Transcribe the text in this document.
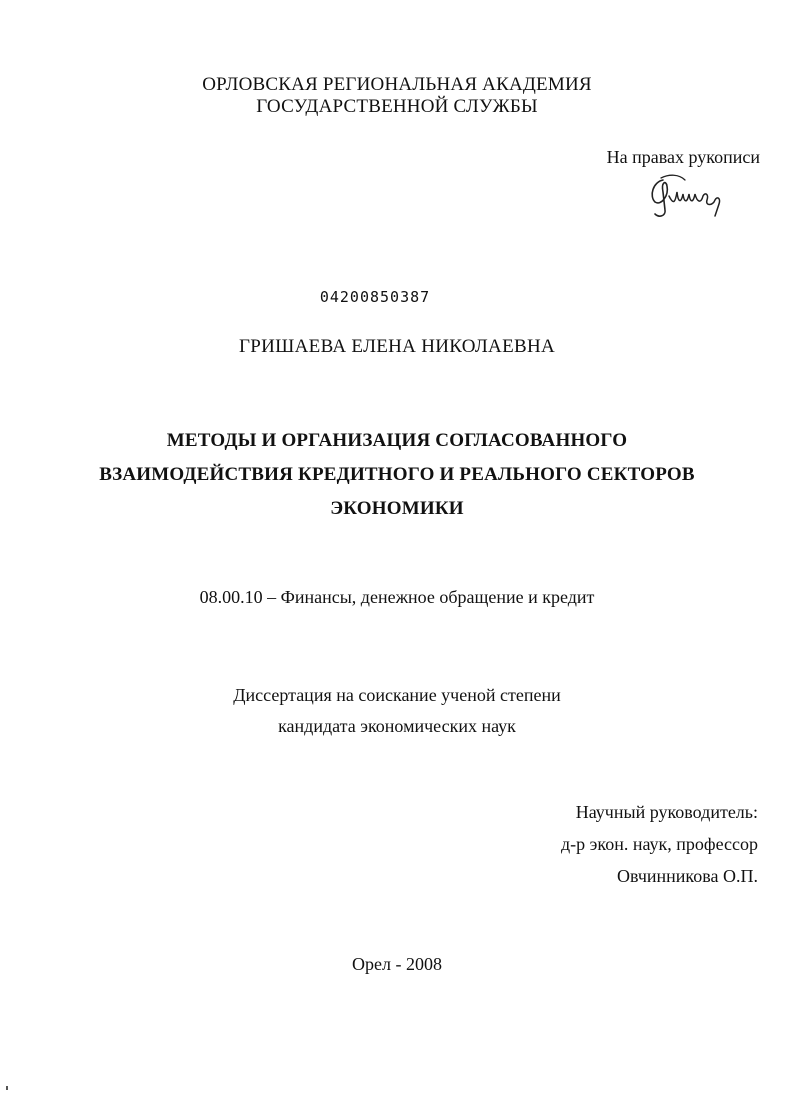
ОРЛОВСКАЯ РЕГИОНАЛЬНАЯ АКАДЕМИЯ
ГОСУДАРСТВЕННОЙ СЛУЖБЫ
На правах рукописи
04200850387
ГРИШАЕВА ЕЛЕНА НИКОЛАЕВНА
МЕТОДЫ И ОРГАНИЗАЦИЯ СОГЛАСОВАННОГО
ВЗАИМОДЕЙСТВИЯ КРЕДИТНОГО И РЕАЛЬНОГО СЕКТОРОВ
ЭКОНОМИКИ
08.00.10 – Финансы, денежное обращение и кредит
Диссертация на соискание ученой степени
кандидата экономических наук
Научный руководитель:
д-р экон. наук, профессор
Овчинникова О.П.
Орел - 2008
